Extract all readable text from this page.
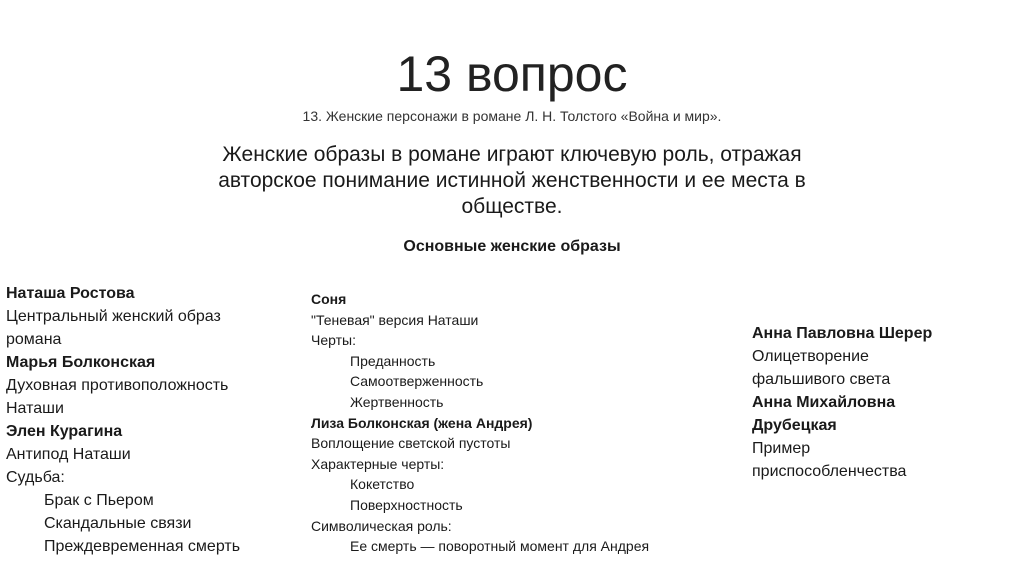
13 вопрос
13. Женские персонажи в романе Л. Н. Толстого «Война и мир».
Женские образы в романе играют ключевую роль, отражая авторское понимание истинной женственности и ее места в обществе.
Основные женские образы
Наташа Ростова
Центральный женский образ романа
Марья Болконская
Духовная противоположность Наташи
Элен Курагина
Антипод Наташи
Судьба:
Брак с Пьером
Скандальные связи
Преждевременная смерть
Соня
"Теневая" версия Наташи
Черты:
Преданность
Самоотверженность
Жертвенность
Лиза Болконская (жена Андрея)
Воплощение светской пустоты
Характерные черты:
Кокетство
Поверхностность
Символическая роль:
Ее смерть — поворотный момент для Андрея
Анна Павловна Шерер
Олицетворение фальшивого света
Анна Михайловна Друбецкая
Пример приспособленчества
